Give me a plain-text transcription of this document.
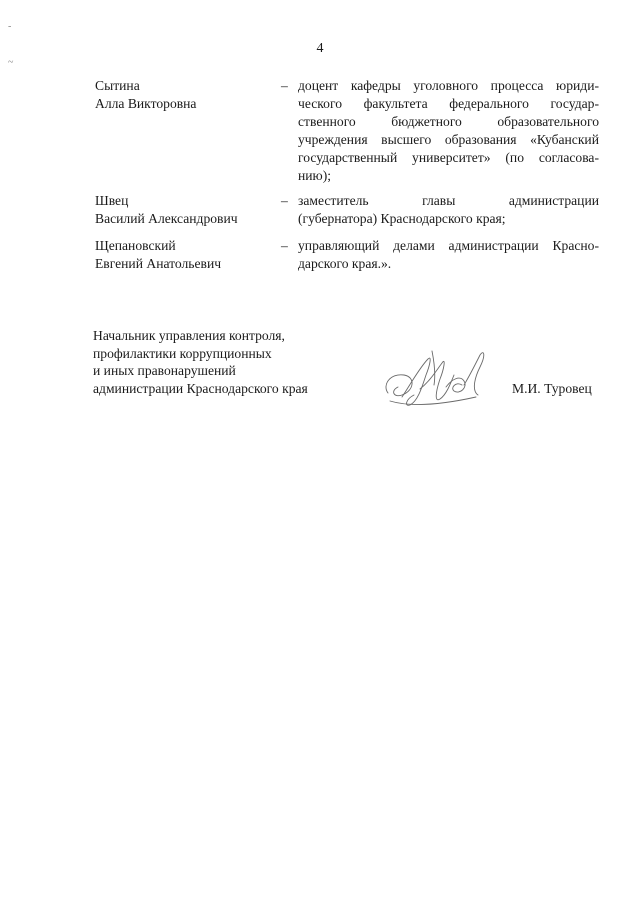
-
~
4
Сытина
Алла Викторовна
– доцент кафедры уголовного процесса юриди-
ческого факультета федерального государ-
ственного бюджетного образовательного
учреждения высшего образования «Кубанский
государственный университет» (по согласова-
нию);
Швец
Василий Александрович
– заместитель главы администрации
(губернатора) Краснодарского края;
Щепановский
Евгений Анатольевич
– управляющий делами администрации Красно-
дарского края.».
Начальник управления контроля,
профилактики коррупционных
и иных правонарушений
администрации Краснодарского края	М.И. Туровец
